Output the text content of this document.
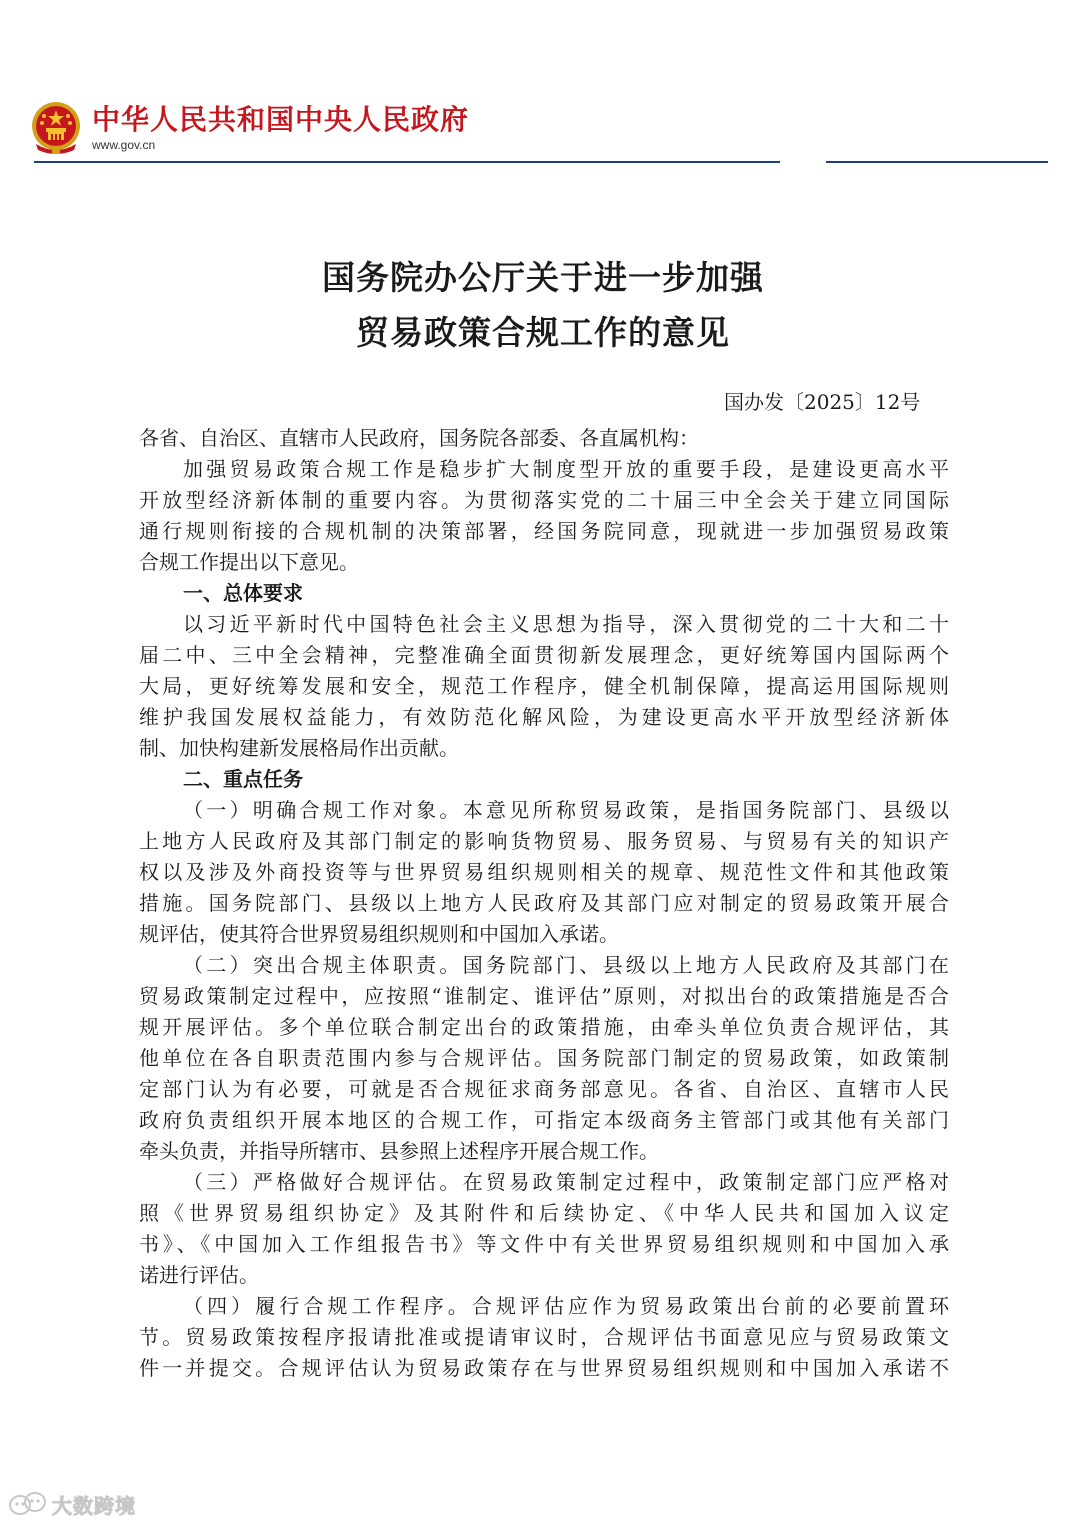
中华人民共和国中央人民政府
www.gov.cn
国务院办公厅关于进一步加强
贸易政策合规工作的意见
国办发〔2025〕12号
各省、自治区、直辖市人民政府，国务院各部委、各直属机构：
加强贸易政策合规工作是稳步扩大制度型开放的重要手段，是建设更高水平
开放型经济新体制的重要内容。为贯彻落实党的二十届三中全会关于建立同国际
通行规则衔接的合规机制的决策部署，经国务院同意，现就进一步加强贸易政策
合规工作提出以下意见。
一、总体要求
以习近平新时代中国特色社会主义思想为指导，深入贯彻党的二十大和二十
届二中、三中全会精神，完整准确全面贯彻新发展理念，更好统筹国内国际两个
大局，更好统筹发展和安全，规范工作程序，健全机制保障，提高运用国际规则
维护我国发展权益能力，有效防范化解风险，为建设更高水平开放型经济新体
制、加快构建新发展格局作出贡献。
二、重点任务
（一）明确合规工作对象。本意见所称贸易政策，是指国务院部门、县级以
上地方人民政府及其部门制定的影响货物贸易、服务贸易、与贸易有关的知识产
权以及涉及外商投资等与世界贸易组织规则相关的规章、规范性文件和其他政策
措施。国务院部门、县级以上地方人民政府及其部门应对制定的贸易政策开展合
规评估，使其符合世界贸易组织规则和中国加入承诺。
（二）突出合规主体职责。国务院部门、县级以上地方人民政府及其部门在
贸易政策制定过程中，应按照“谁制定、谁评估”原则，对拟出台的政策措施是否合
规开展评估。多个单位联合制定出台的政策措施，由牵头单位负责合规评估，其
他单位在各自职责范围内参与合规评估。国务院部门制定的贸易政策，如政策制
定部门认为有必要，可就是否合规征求商务部意见。各省、自治区、直辖市人民
政府负责组织开展本地区的合规工作，可指定本级商务主管部门或其他有关部门
牵头负责，并指导所辖市、县参照上述程序开展合规工作。
（三）严格做好合规评估。在贸易政策制定过程中，政策制定部门应严格对
照《世界贸易组织协定》及其附件和后续协定、《中华人民共和国加入议定
书》、《中国加入工作组报告书》等文件中有关世界贸易组织规则和中国加入承
诺进行评估。
（四）履行合规工作程序。合规评估应作为贸易政策出台前的必要前置环
节。贸易政策按程序报请批准或提请审议时，合规评估书面意见应与贸易政策文
件一并提交。合规评估认为贸易政策存在与世界贸易组织规则和中国加入承诺不
大数跨境
